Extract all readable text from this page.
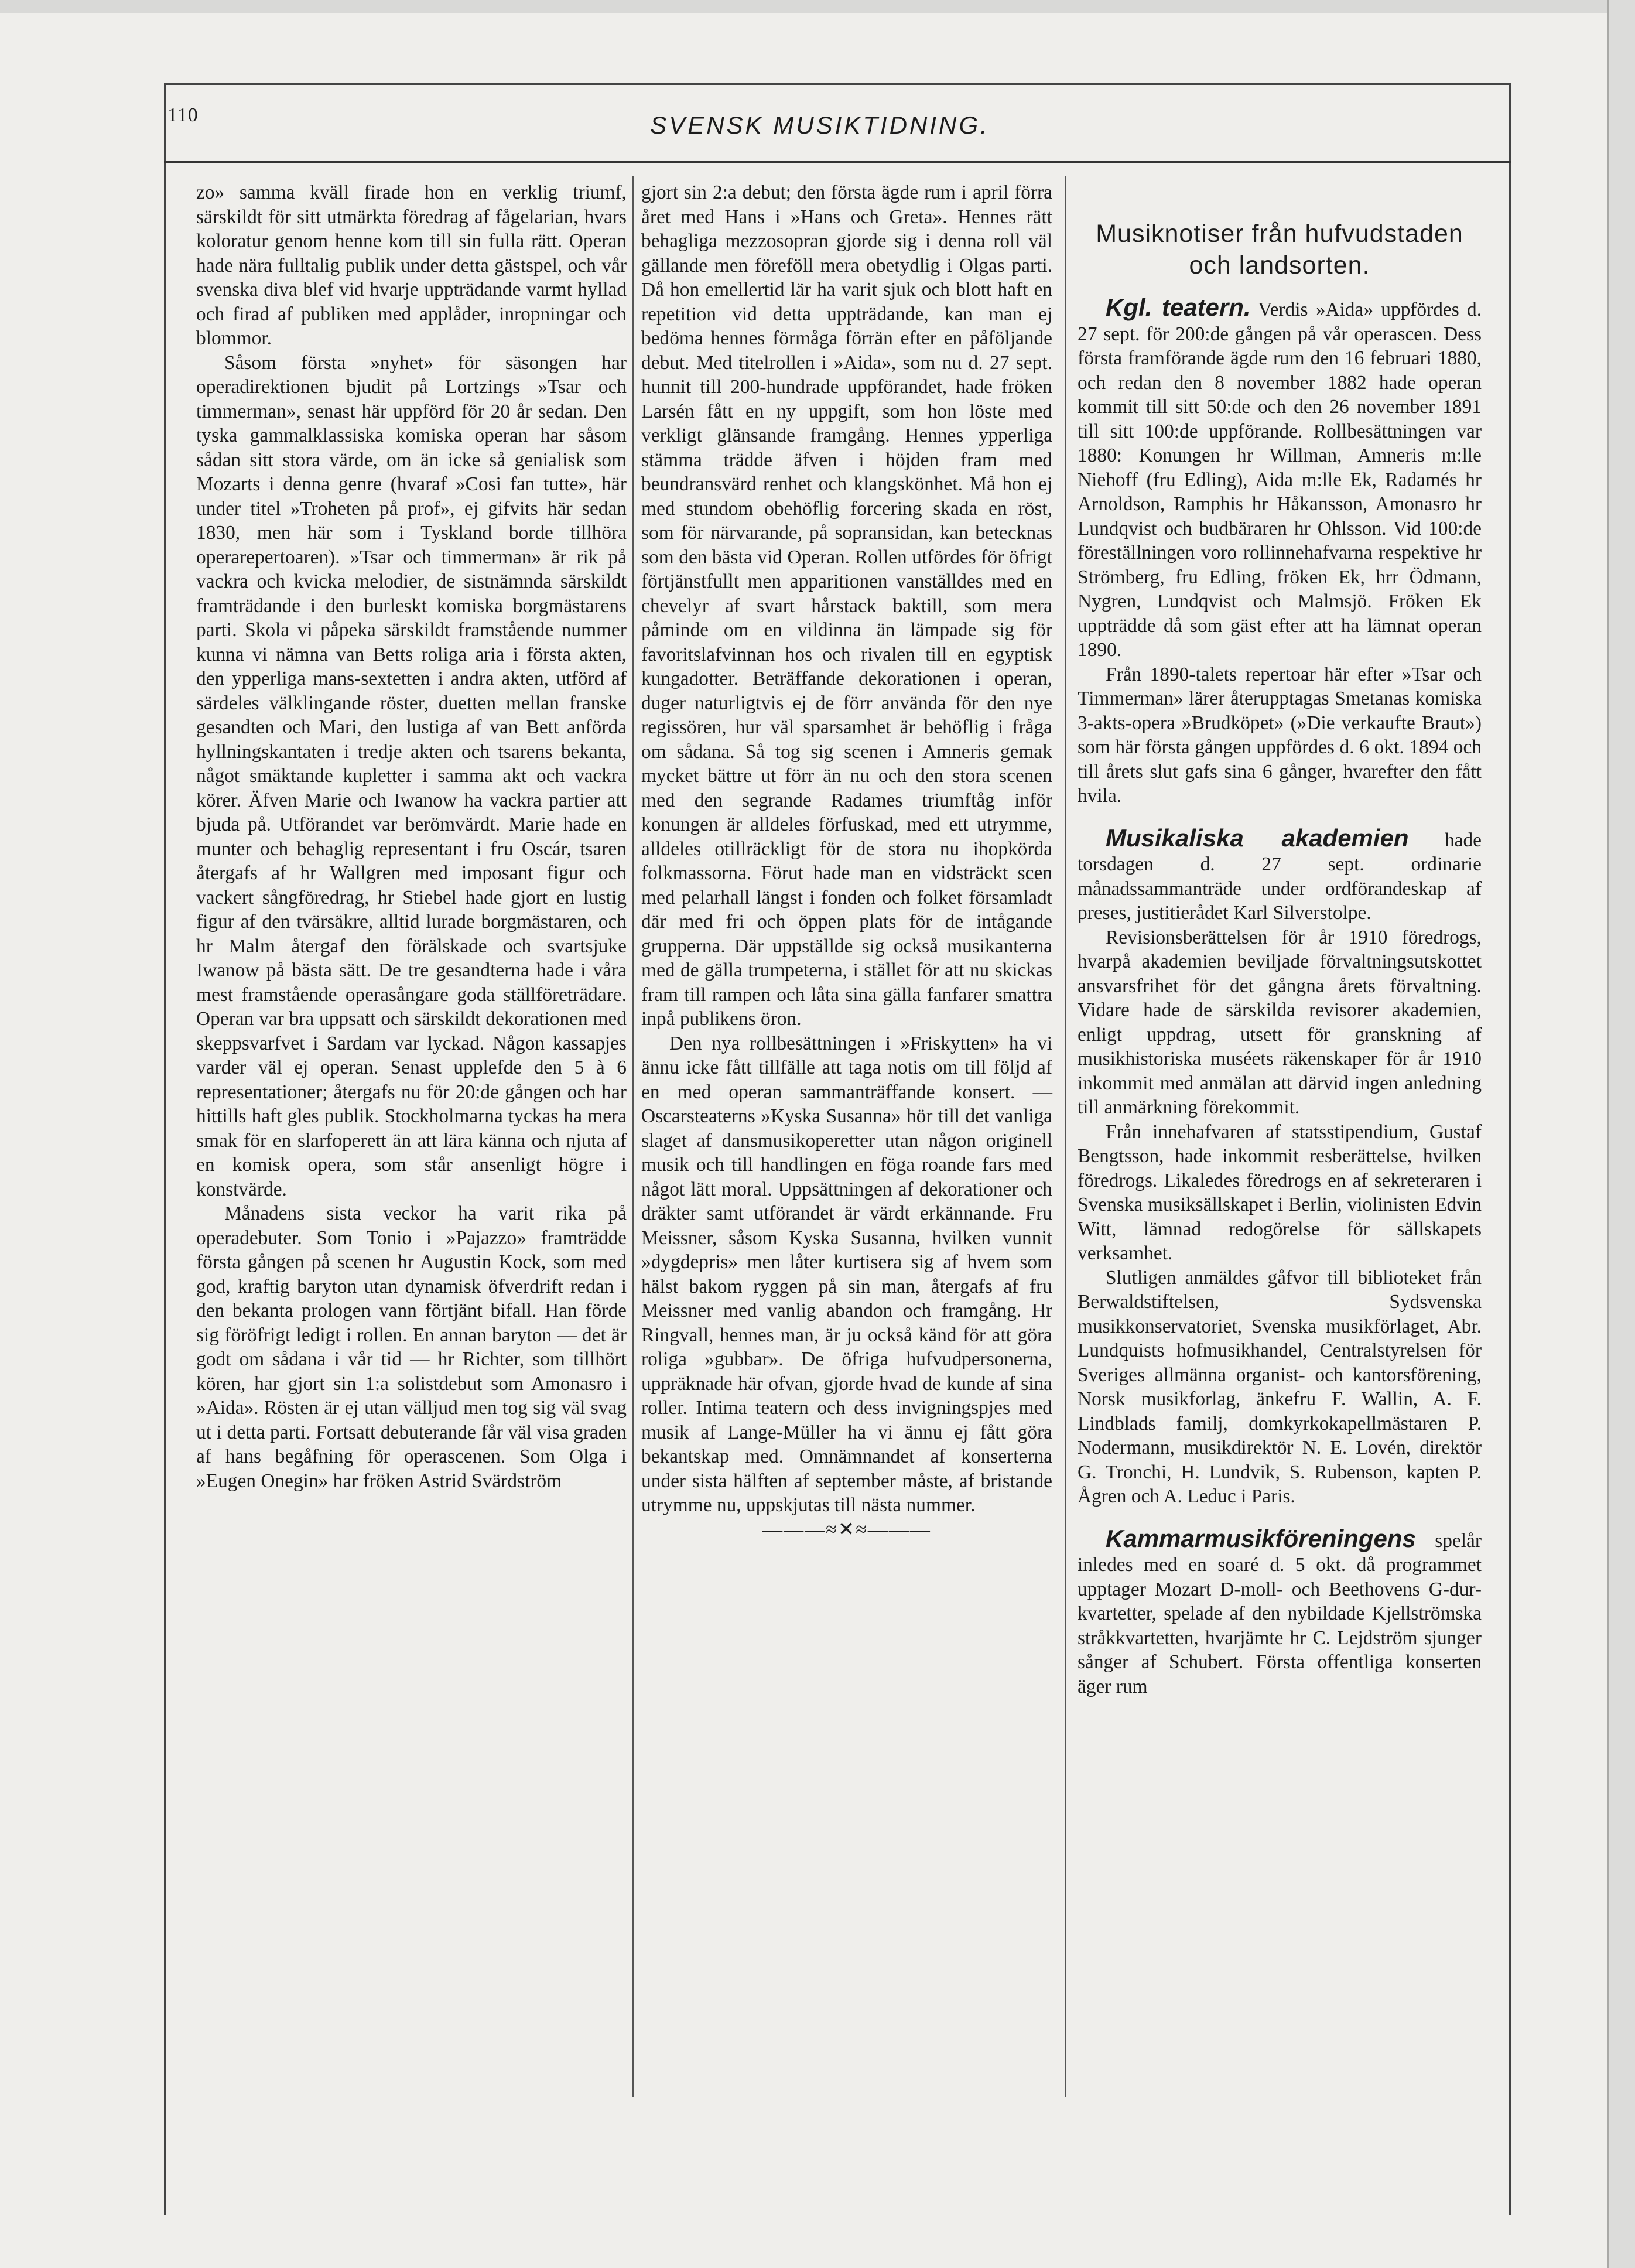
110	SVENSK MUSIKTIDNING.

zo» samma kväll firade hon en verklig triumf, särskildt för sitt utmärkta föredrag af fågelarian, hvars koloratur genom henne kom till sin fulla rätt. Operan hade nära fulltalig publik under detta gästspel, och vår svenska diva blef vid hvarje uppträdande varmt hyllad och firad af publiken med applåder, inropningar och blommor.

Såsom första »nyhet» för säsongen har operadirektionen bjudit på Lortzings »Tsar och timmerman», senast här uppförd för 20 år sedan. Den tyska gammalklassiska komiska operan har såsom sådan sitt stora värde, om än icke så genialisk som Mozarts i denna genre (hvaraf »Cosi fan tutte», här under titel »Troheten på prof», ej gifvits här sedan 1830, men här som i Tyskland borde tillhöra operarepertoaren). »Tsar och timmerman» är rik på vackra och kvicka melodier, de sistnämnda särskildt framträdande i den burleskt komiska borgmästarens parti. Skola vi påpeka särskildt framstående nummer kunna vi nämna van Betts roliga aria i första akten, den ypperliga mans-sextetten i andra akten, utförd af särdeles välklingande röster, duetten mellan franske gesandten och Mari, den lustiga af van Bett anförda hyllningskantaten i tredje akten och tsarens bekanta, något smäktande kupletter i samma akt och vackra körer. Äfven Marie och Iwanow ha vackra partier att bjuda på. Utförandet var berömvärdt. Marie hade en munter och behaglig representant i fru Oscár, tsaren återgafs af hr Wallgren med imposant figur och vackert sångföredrag, hr Stiebel hade gjort en lustig figur af den tvärsäkre, alltid lurade borgmästaren, och hr Malm återgaf den förälskade och svartsjuke Iwanow på bästa sätt. De tre gesandterna hade i våra mest framstående operasångare goda ställföreträdare. Operan var bra uppsatt och särskildt dekorationen med skeppsvarfvet i Sardam var lyckad. Någon kassapjes varder väl ej operan. Senast upplefde den 5 à 6 representationer; återgafs nu för 20:de gången och har hittills haft gles publik. Stockholmarna tyckas ha mera smak för en slarfoperett än att lära känna och njuta af en komisk opera, som står ansenligt högre i konstvärde.

Månadens sista veckor ha varit rika på operadebuter. Som Tonio i »Pajazzo» framträdde första gången på scenen hr Augustin Kock, som med god, kraftig baryton utan dynamisk öfverdrift redan i den bekanta prologen vann förtjänt bifall. Han förde sig föröfrigt ledigt i rollen. En annan baryton — det är godt om sådana i vår tid — hr Richter, som tillhört kören, har gjort sin 1:a solistdebut som Amonasro i »Aida». Rösten är ej utan välljud men tog sig väl svag ut i detta parti. Fortsatt debuterande får väl visa graden af hans begåfning för operascenen. Som Olga i »Eugen Onegin» har fröken Astrid Svärdström

gjort sin 2:a debut; den första ägde rum i april förra året med Hans i »Hans och Greta». Hennes rätt behagliga mezzosopran gjorde sig i denna roll väl gällande men föreföll mera obetydlig i Olgas parti. Då hon emellertid lär ha varit sjuk och blott haft en repetition vid detta uppträdande, kan man ej bedöma hennes förmåga förrän efter en påföljande debut. Med titelrollen i »Aida», som nu d. 27 sept. hunnit till 200-hundrade uppförandet, hade fröken Larsén fått en ny uppgift, som hon löste med verkligt glänsande framgång. Hennes ypperliga stämma trädde äfven i höjden fram med beundransvärd renhet och klangskönhet. Må hon ej med stundom obehöflig forcering skada en röst, som för närvarande, på sopransidan, kan betecknas som den bästa vid Operan. Rollen utfördes för öfrigt förtjänstfullt men apparitionen vanställdes med en chevelyr af svart hårstack baktill, som mera påminde om en vildinna än lämpade sig för favoritslafvinnan hos och rivalen till en egyptisk kungadotter. Beträffande dekorationen i operan, duger naturligtvis ej de förr använda för den nye regissören, hur väl sparsamhet är behöflig i fråga om sådana. Så tog sig scenen i Amneris gemak mycket bättre ut förr än nu och den stora scenen med den segrande Radames triumftåg inför konungen är alldeles förfuskad, med ett utrymme, alldeles otillräckligt för de stora nu ihopkörda folkmassorna. Förut hade man en vidsträckt scen med pelarhall längst i fonden och folket församladt där med fri och öppen plats för de intågande grupperna. Där uppställde sig också musikanterna med de gälla trumpeterna, i stället för att nu skickas fram till rampen och låta sina gälla fanfarer smattra inpå publikens öron.

Den nya rollbesättningen i »Friskytten» ha vi ännu icke fått tillfälle att taga notis om till följd af en med operan sammanträffande konsert. — Oscarsteaterns »Kyska Susanna» hör till det vanliga slaget af dansmusikoperetter utan någon originell musik och till handlingen en föga roande fars med något lätt moral. Uppsättningen af dekorationer och dräkter samt utförandet är värdt erkännande. Fru Meissner, såsom Kyska Susanna, hvilken vunnit »dygdepris» men låter kurtisera sig af hvem som hälst bakom ryggen på sin man, återgafs af fru Meissner med vanlig abandon och framgång. Hr Ringvall, hennes man, är ju också känd för att göra roliga »gubbar». De öfriga hufvudpersonerna, uppräknade här ofvan, gjorde hvad de kunde af sina roller. Intima teatern och dess invigningspjes med musik af Lange-Müller ha vi ännu ej fått göra bekantskap med. Omnämnandet af konserterna under sista hälften af september måste, af bristande utrymme nu, uppskjutas till nästa nummer.

———≈✕≈———

Musiknotiser från hufvudstaden och landsorten.

Kgl. teatern. Verdis »Aida» uppfördes d. 27 sept. för 200:de gången på vår operascen. Dess första framförande ägde rum den 16 februari 1880, och redan den 8 november 1882 hade operan kommit till sitt 50:de och den 26 november 1891 till sitt 100:de uppförande. Rollbesättningen var 1880: Konungen hr Willman, Amneris m:lle Niehoff (fru Edling), Aida m:lle Ek, Radamés hr Arnoldson, Ramphis hr Håkansson, Amonasro hr Lundqvist och budbäraren hr Ohlsson. Vid 100:de föreställningen voro rollinnehafvarna respektive hr Strömberg, fru Edling, fröken Ek, hrr Ödmann, Nygren, Lundqvist och Malmsjö. Fröken Ek uppträdde då som gäst efter att ha lämnat operan 1890.

Från 1890-talets repertoar här efter »Tsar och Timmerman» lärer återupptagas Smetanas komiska 3-akts-opera »Brudköpet» (»Die verkaufte Braut») som här första gången uppfördes d. 6 okt. 1894 och till årets slut gafs sina 6 gånger, hvarefter den fått hvila.

Musikaliska akademien hade torsdagen d. 27 sept. ordinarie månadssammanträde under ordförandeskap af preses, justitierådet Karl Silverstolpe.

Revisionsberättelsen för år 1910 föredrogs, hvarpå akademien beviljade förvaltningsutskottet ansvarsfrihet för det gångna årets förvaltning. Vidare hade de särskilda revisorer akademien, enligt uppdrag, utsett för granskning af musikhistoriska muséets räkenskaper för år 1910 inkommit med anmälan att därvid ingen anledning till anmärkning förekommit.

Från innehafvaren af statsstipendium, Gustaf Bengtsson, hade inkommit resberättelse, hvilken föredrogs. Likaledes föredrogs en af sekreteraren i Svenska musiksällskapet i Berlin, violinisten Edvin Witt, lämnad redogörelse för sällskapets verksamhet.

Slutligen anmäldes gåfvor till biblioteket från Berwaldstiftelsen, Sydsvenska musikkonservatoriet, Svenska musikförlaget, Abr. Lundquists hofmusikhandel, Centralstyrelsen för Sveriges allmänna organist- och kantorsförening, Norsk musikforlag, änkefru F. Wallin, A. F. Lindblads familj, domkyrkokapellmästaren P. Nodermann, musikdirektör N. E. Lovén, direktör G. Tronchi, H. Lundvik, S. Rubenson, kapten P. Ågren och A. Leduc i Paris.

Kammarmusikföreningens spelår inledes med en soaré d. 5 okt. då programmet upptager Mozart D-moll- och Beethovens G-dur-kvartetter, spelade af den nybildade Kjellströmska stråkkvartetten, hvarjämte hr C. Lejdström sjunger sånger af Schubert. Första offentliga konserten äger rum
